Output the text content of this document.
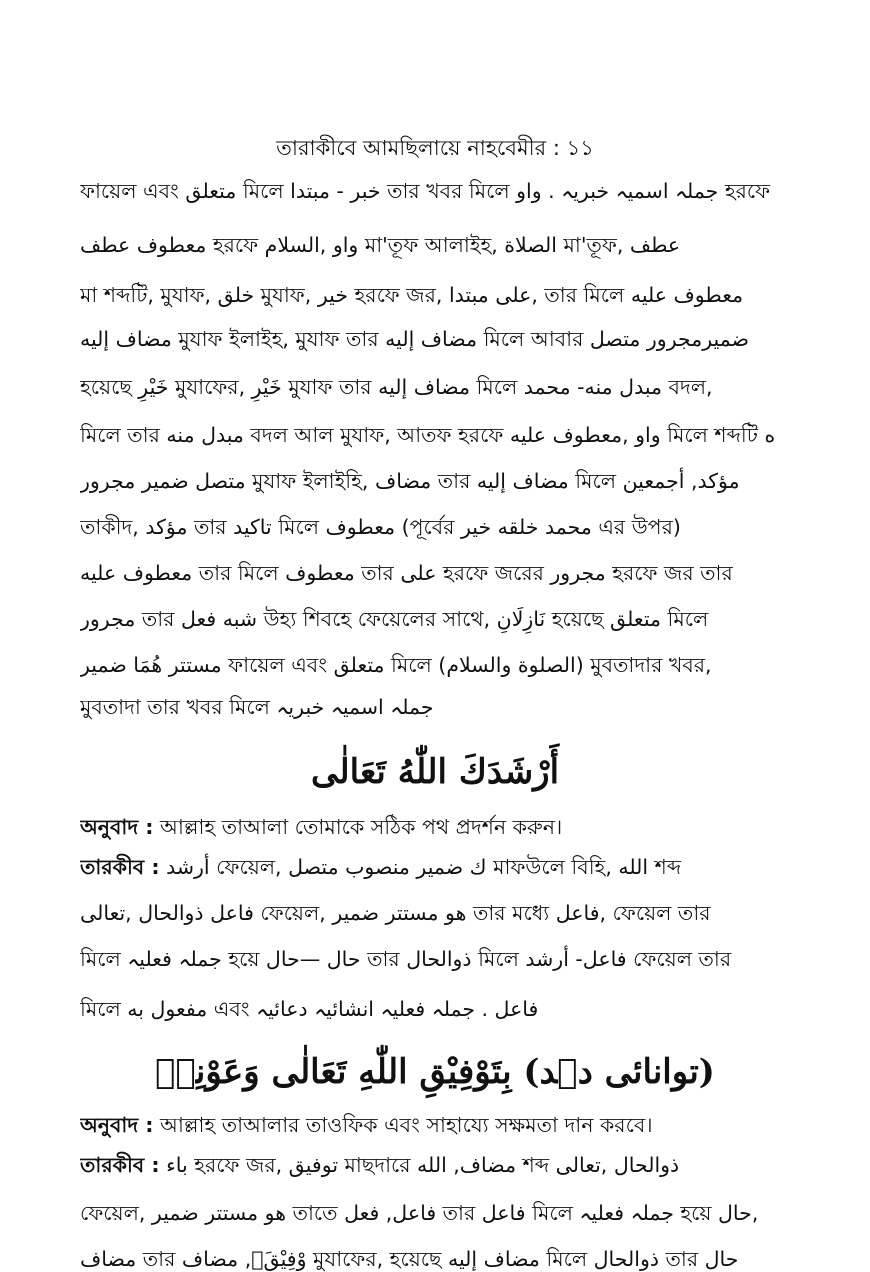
তারাকীবে আমছিলায়ে নাহবেমীর : ১১
ফায়েল এবং متعلق মিলে خبر - مبتدا তার খবর মিলে جملہ اسمیہ خبریہ . واو হরফে
معطوف عطف হরফে واو ,السلام মা'তূফ আলাইহ, الصلاة মা'তূফ, عطف
মা শব্দটি, মুযাফ, خلق মুযাফ, خير হরফে জর, على مبتدا, তার মিলে معطوف عليه
مضاف إليه মুযাফ ইলাইহ, মুযাফ তার مضاف إليه মিলে আবার ضميرمجرور متصل
হয়েছে خَيْرِ মুযাফের, خَيْرِ মুযাফ তার مضاف إليه মিলে مبدل منه- محمد বদল,
মিলে তার مبدل منه বদল আল মুযাফ, আতফ হরফে واو ,معطوف عليه মিলে শব্দটি ه
متصل ضمير مجرور মুযাফ ইলাইহি, مضاف তার مضاف إليه মিলে مؤكد, أجمعين
তাকীদ, مؤكد তার تاكيد মিলে معطوف (পূর্বের محمد خلقه خير এর উপর)
معطوف عليه তার মিলে معطوف তার على হরফে জরের مجرور হরফে জর তার
مجرور তার شبه فعل উহ্য শিবহে ফেয়েলের সাথে, نَازِلَانِ হয়েছে متعلق মিলে
مستتر هُمَا ضمير ফায়েল এবং متعلق মিলে (الصلوة والسلام) মুবতাদার খবর,
মুবতাদা তার খবর মিলে جملہ اسمیہ خبریہ
أَرْشَدَكَ اللّٰهُ تَعَالٰى
অনুবাদ : আল্লাহ তাআলা তোমাকে সঠিক পথ প্রদর্শন করুন।
তারকীব : أرشد ফেয়েল, ك ضمير منصوب متصل মাফউলে বিহি, الله শব্দ
فاعل ذوالحال ,تعالى ফেয়েল, هو مستتر ضمير তার মধ্যে فاعل, ফেয়েল তার
মিলে جملہ فعلیہ হয়ে حال —حال তার ذوالحال মিলে فاعل- أرشد ফেয়েল তার
মিলে مفعول به এবং فاعل . جملہ فعلیہ انشائیہ دعائیہ
(توانائی دہد) بِتَوْفِيْقِ اللّٰهِ تَعَالٰى وَعَوْنِهٖ
অনুবাদ : আল্লাহ তাআলার তাওফিক এবং সাহায্যে সক্ষমতা দান করবে।
তারকীব : باء হরফে জর, توفيق মাছদারে مضاف, الله শব্দ ذوالحال ,تعالى
ফেয়েল, هو مستتر ضمير তাতে فاعل, فعل তার فاعل মিলে جملہ فعلیہ হয়ে حال,
مضاف তার مضاف ,তَوْفِيْقِ মুযাফের, হয়েছে مضاف إليه মিলে ذوالحال তার حال
